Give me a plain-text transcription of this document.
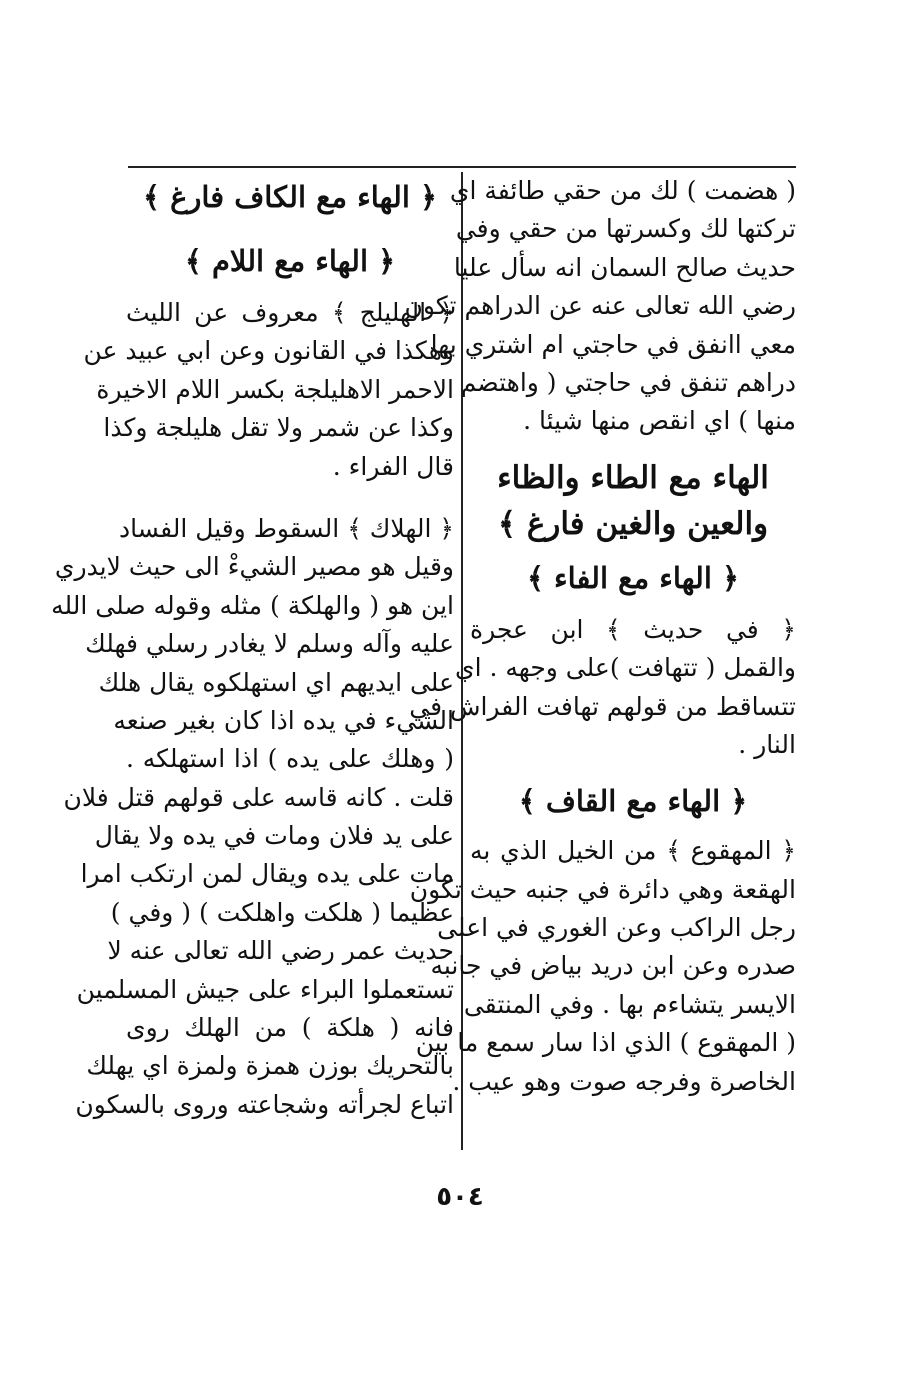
( هضمت ) لك من حقي طائفة اي
تركتها لك وكسرتها من حقي وفي
حديث صالح السمان انه سأل عليا
رضي الله تعالى عنه عن الدراهم تكون
معي اانفق في حاجتي ام اشتري بها
دراهم تنفق في حاجتي ( واهتضم
منها ) اي انقص منها شيئا .
الهاء مع الطاء والظاء
والعين والغين فارغ ﴾
﴿ الهاء مع الفاء ﴾
﴿ في حديث ﴾ ابن عجرة
والقمل ( تتهافت )على وجهه . اي
تتساقط من قولهم تهافت الفراش في
النار .
﴿ الهاء مع القاف ﴾
﴿ المهقوع ﴾ من الخيل الذي به
الهقعة وهي دائرة في جنبه حيث تكون
رجل الراكب وعن الغوري في اعلى
صدره وعن ابن دريد بياض في جانبه
الايسر يتشاءم بها . وفي المنتقى
( المهقوع ) الذي اذا سار سمع ما بين
الخاصرة وفرجه صوت وهو عيب .
﴿ الهاء مع الكاف فارغ ﴾
﴿ الهاء مع اللام ﴾
﴿ الهليلج ﴾ معروف عن الليث
وهكذا في القانون وعن ابي عبيد عن
الاحمر الاهليلجة بكسر اللام الاخيرة
وكذا عن شمر ولا تقل هليلجة وكذا
قال الفراء .
﴿ الهلاك ﴾ السقوط وقيل الفساد
وقيل هو مصير الشيءْ الى حيث لايدري
اين هو ( والهلكة ) مثله وقوله صلى الله
عليه وآله وسلم لا يغادر رسلي فهلك
على ايديهم اي استهلكوه يقال هلك
الشيء في يده اذا كان بغير صنعه
( وهلك على يده ) اذا استهلكه .
قلت . كانه قاسه على قولهم قتل فلان
على يد فلان ومات في يده ولا يقال
مات على يده ويقال لمن ارتكب امرا
عظيما ( هلكت واهلكت ) ( وفي )
حديث عمر رضي الله تعالى عنه لا
تستعملوا البراء على جيش المسلمين
فانه ( هلكة ) من الهلك روى
بالتحريك بوزن همزة ولمزة اي يهلك
اتباع لجرأته وشجاعته وروى بالسكون
٥٠٤
